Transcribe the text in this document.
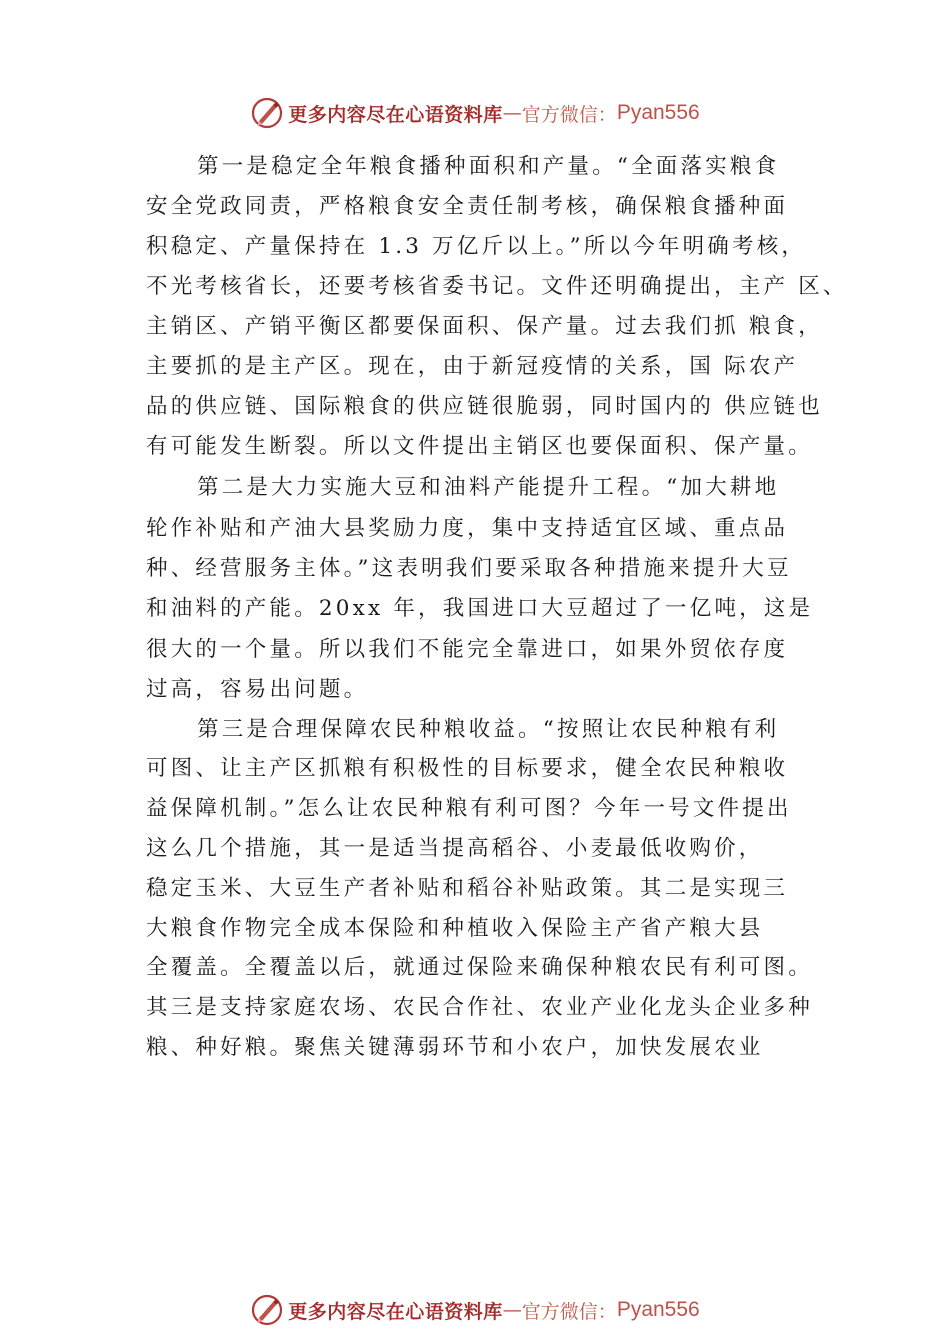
更多内容尽在心语资料库 — 官方微信： Pyan556
第一是稳定全年粮食播种面积和产量。“全面落实粮食
安全党政同责，严格粮食安全责任制考核，确保粮食播种面
积稳定、产量保持在 1.3 万亿斤以上。”所以今年明确考核，
不光考核省长，还要考核省委书记。文件还明确提出，主产 区、
主销区、产销平衡区都要保面积、保产量。过去我们抓 粮食，
主要抓的是主产区。现在，由于新冠疫情的关系，国 际农产
品的供应链、国际粮食的供应链很脆弱，同时国内的 供应链也
有可能发生断裂。所以文件提出主销区也要保面积、保产量。
第二是大力实施大豆和油料产能提升工程。“加大耕地
轮作补贴和产油大县奖励力度，集中支持适宜区域、重点品
种、经营服务主体。”这表明我们要采取各种措施来提升大豆
和油料的产能。20xx 年，我国进口大豆超过了一亿吨，这是
很大的一个量。所以我们不能完全靠进口，如果外贸依存度
过高，容易出问题。
第三是合理保障农民种粮收益。“按照让农民种粮有利
可图、让主产区抓粮有积极性的目标要求，健全农民种粮收
益保障机制。”怎么让农民种粮有利可图？今年一号文件提出
这么几个措施，其一是适当提高稻谷、小麦最低收购价，
稳定玉米、大豆生产者补贴和稻谷补贴政策。其二是实现三
大粮食作物完全成本保险和种植收入保险主产省产粮大县
全覆盖。全覆盖以后，就通过保险来确保种粮农民有利可图。
其三是支持家庭农场、农民合作社、农业产业化龙头企业多种
粮、种好粮。聚焦关键薄弱环节和小农户，加快发展农业
更多内容尽在心语资料库 — 官方微信： Pyan556
